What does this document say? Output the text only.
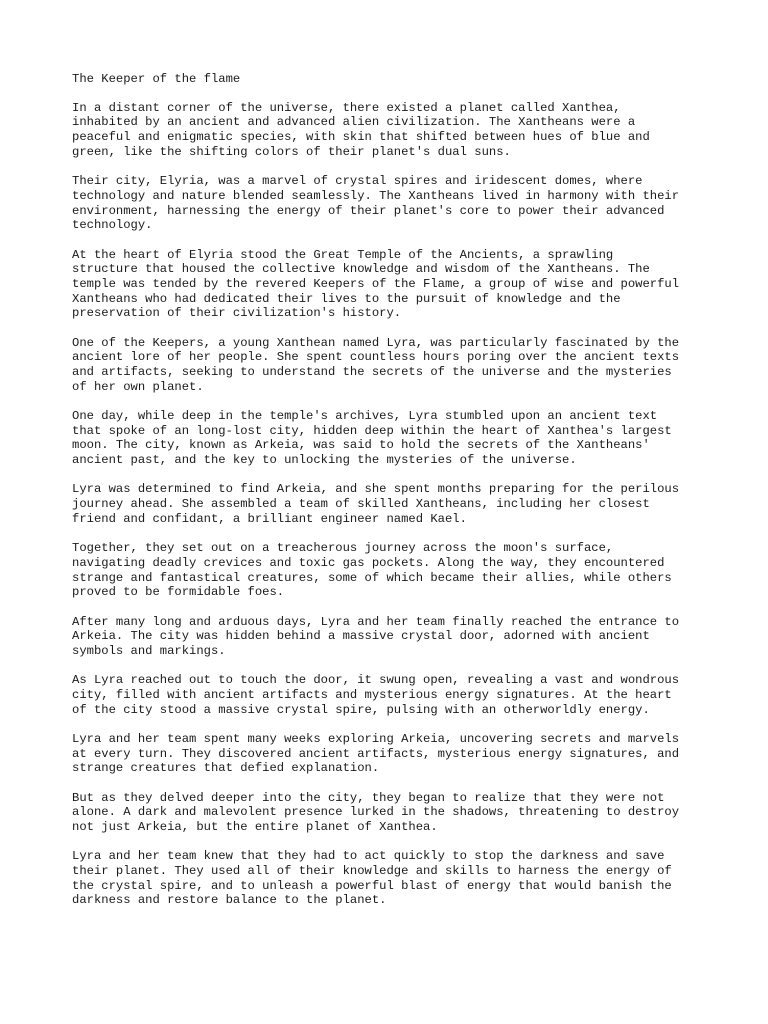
The Keeper of the flame
In a distant corner of the universe, there existed a planet called Xanthea,
inhabited by an ancient and advanced alien civilization. The Xantheans were a
peaceful and enigmatic species, with skin that shifted between hues of blue and
green, like the shifting colors of their planet's dual suns.
Their city, Elyria, was a marvel of crystal spires and iridescent domes, where
technology and nature blended seamlessly. The Xantheans lived in harmony with their
environment, harnessing the energy of their planet's core to power their advanced
technology.
At the heart of Elyria stood the Great Temple of the Ancients, a sprawling
structure that housed the collective knowledge and wisdom of the Xantheans. The
temple was tended by the revered Keepers of the Flame, a group of wise and powerful
Xantheans who had dedicated their lives to the pursuit of knowledge and the
preservation of their civilization's history.
One of the Keepers, a young Xanthean named Lyra, was particularly fascinated by the
ancient lore of her people. She spent countless hours poring over the ancient texts
and artifacts, seeking to understand the secrets of the universe and the mysteries
of her own planet.
One day, while deep in the temple's archives, Lyra stumbled upon an ancient text
that spoke of an long-lost city, hidden deep within the heart of Xanthea's largest
moon. The city, known as Arkeia, was said to hold the secrets of the Xantheans'
ancient past, and the key to unlocking the mysteries of the universe.
Lyra was determined to find Arkeia, and she spent months preparing for the perilous
journey ahead. She assembled a team of skilled Xantheans, including her closest
friend and confidant, a brilliant engineer named Kael.
Together, they set out on a treacherous journey across the moon's surface,
navigating deadly crevices and toxic gas pockets. Along the way, they encountered
strange and fantastical creatures, some of which became their allies, while others
proved to be formidable foes.
After many long and arduous days, Lyra and her team finally reached the entrance to
Arkeia. The city was hidden behind a massive crystal door, adorned with ancient
symbols and markings.
As Lyra reached out to touch the door, it swung open, revealing a vast and wondrous
city, filled with ancient artifacts and mysterious energy signatures. At the heart
of the city stood a massive crystal spire, pulsing with an otherworldly energy.
Lyra and her team spent many weeks exploring Arkeia, uncovering secrets and marvels
at every turn. They discovered ancient artifacts, mysterious energy signatures, and
strange creatures that defied explanation.
But as they delved deeper into the city, they began to realize that they were not
alone. A dark and malevolent presence lurked in the shadows, threatening to destroy
not just Arkeia, but the entire planet of Xanthea.
Lyra and her team knew that they had to act quickly to stop the darkness and save
their planet. They used all of their knowledge and skills to harness the energy of
the crystal spire, and to unleash a powerful blast of energy that would banish the
darkness and restore balance to the planet.
